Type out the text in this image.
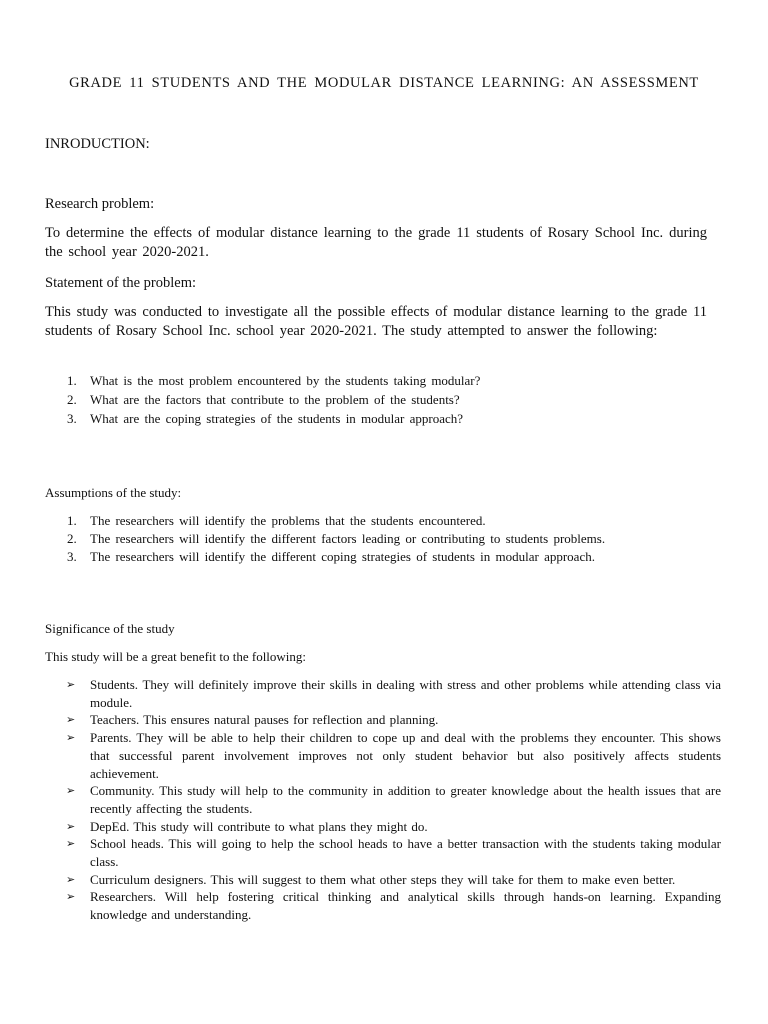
GRADE 11 STUDENTS AND THE MODULAR DISTANCE LEARNING: AN ASSESSMENT

INRODUCTION:

Research problem:

To determine the effects of modular distance learning to the grade 11 students of Rosary School Inc. during the school year 2020-2021.

Statement of the problem:

This study was conducted to investigate all the possible effects of modular distance learning to the grade 11 students of Rosary School Inc. school year 2020-2021. The study attempted to answer the following:

1. What is the most problem encountered by the students taking modular?
2. What are the factors that contribute to the problem of the students?
3. What are the coping strategies of the students in modular approach?

Assumptions of the study:

1. The researchers will identify the problems that the students encountered.
2. The researchers will identify the different factors leading or contributing to students problems.
3. The researchers will identify the different coping strategies of students in modular approach.

Significance of the study

This study will be a great benefit to the following:

➢ Students. They will definitely improve their skills in dealing with stress and other problems while attending class via module.
➢ Teachers. This ensures natural pauses for reflection and planning.
➢ Parents. They will be able to help their children to cope up and deal with the problems they encounter. This shows that successful parent involvement improves not only student behavior but also positively affects students achievement.
➢ Community. This study will help to the community in addition to greater knowledge about the health issues that are recently affecting the students.
➢ DepEd. This study will contribute to what plans they might do.
➢ School heads. This will going to help the school heads to have a better transaction with the students taking modular class.
➢ Curriculum designers. This will suggest to them what other steps they will take for them to make even better.
➢ Researchers. Will help fostering critical thinking and analytical skills through hands-on learning. Expanding knowledge and understanding.
